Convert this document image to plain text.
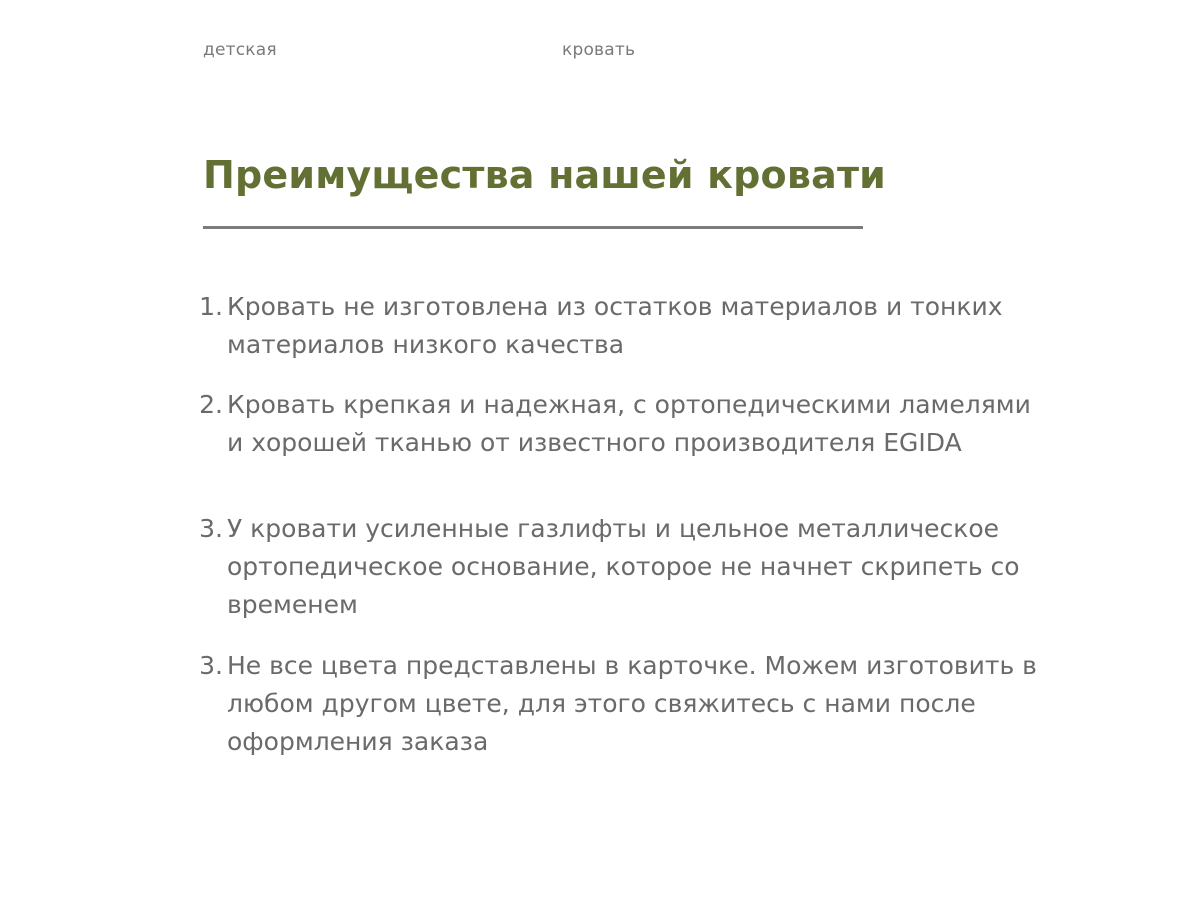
детская	кровать
Преимущества нашей кровати
1. Кровать не изготовлена из остатков материалов и тонких материалов низкого качества
2. Кровать крепкая и надежная, с ортопедическими ламелями и хорошей тканью от известного производителя EGIDA
3. У кровати усиленные газлифты и цельное металлическое ортопедическое основание, которое не начнет скрипеть со временем
3. Не все цвета представлены в карточке. Можем изготовить в любом другом цвете, для этого свяжитесь с нами после оформления заказа
